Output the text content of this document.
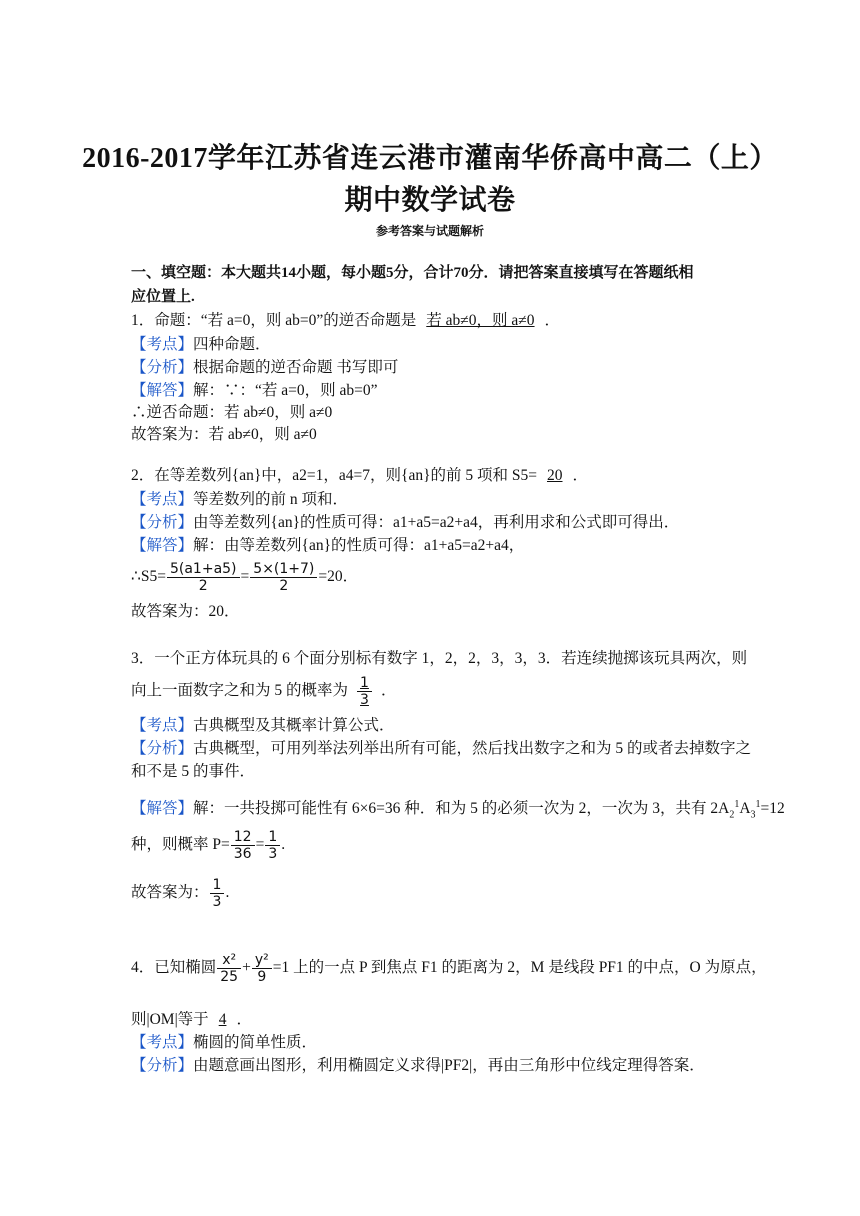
2016-2017学年江苏省连云港市灌南华侨高中高二（上）
期中数学试卷
参考答案与试题解析
一、填空题：本大题共14小题，每小题5分，合计70分．请把答案直接填写在答题纸相
应位置上.
1．命题：“若 a=0，则 ab=0”的逆否命题是 若 ab≠0，则 a≠0 ．
【考点】四种命题．
【分析】根据命题的逆否命题 书写即可
【解答】解：∵：“若 a=0，则 ab=0”
∴逆否命题：若 ab≠0，则 a≠0
故答案为：若 ab≠0，则 a≠0
2．在等差数列{an}中，a2=1，a4=7，则{an}的前 5 项和 S5= 20 ．
【考点】等差数列的前 n 项和．
【分析】由等差数列{an}的性质可得：a1+a5=a2+a4，再利用求和公式即可得出．
【解答】解：由等差数列{an}的性质可得：a1+a5=a2+a4，
∴S5= $\frac{5(a1+a5)}{2} = \frac{5\times(1+7)}{2} =20$．
故答案为：20．
3．一个正方体玩具的 6 个面分别标有数字 1，2，2，3，3，3．若连续抛掷该玩具两次，则
向上一面数字之和为 5 的概率为 $\frac{1}{3}$ ．
【考点】古典概型及其概率计算公式．
【分析】古典概型，可用列举法列举出所有可能，然后找出数字之和为 5 的或者去掉数字之
和不是 5 的事件．
【解答】解：一共投掷可能性有 6×6=36 种．和为 5 的必须一次为 2，一次为 3，共有 $2A_2^1A_3^1=12$
种，则概率 $P= \frac{12}{36} = \frac{1}{3}$ .
故答案为： $\frac{1}{3}$ .
4．已知椭圆 $\frac{\text{x²}}{25} + \frac{\text{y²}}{9} =1$ 上的一点 P 到焦点 F1 的距离为 2，M 是线段 PF1 的中点，O 为原点，
则|OM|等于 4 ．
【考点】椭圆的简单性质．
【分析】由题意画出图形，利用椭圆定义求得|PF2|，再由三角形中位线定理得答案．
